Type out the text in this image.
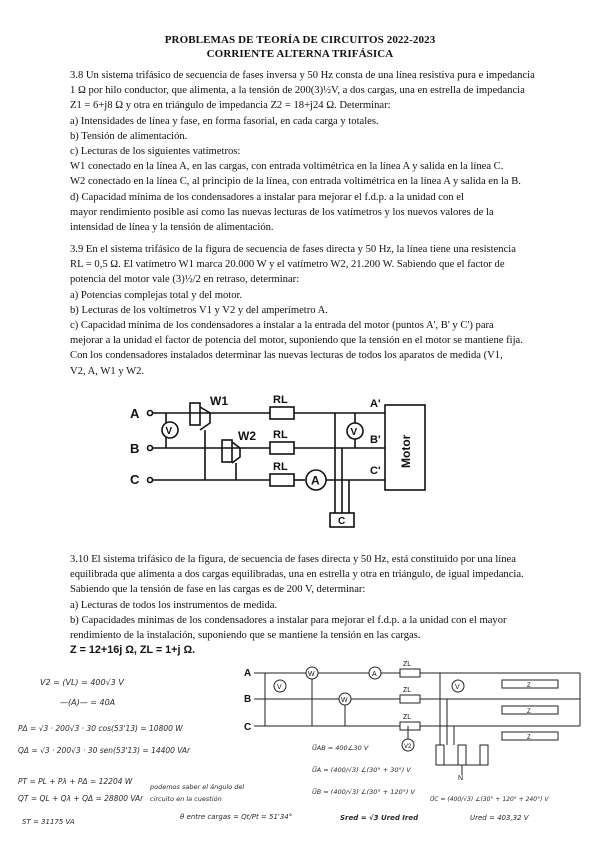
PROBLEMAS DE TEORÍA DE CIRCUITOS 2022-2023
CORRIENTE ALTERNA TRIFÁSICA

3.8 Un sistema trifásico de secuencia de fases inversa y 50 Hz consta de una línea resistiva pura e impedancia

1 Ω por hilo conductor, que alimenta, a la tensión de 200(3)½V, a dos cargas, una en estrella de impedancia

Z1 = 6+j8 Ω y otra en triángulo de impedancia Z2 = 18+j24 Ω. Determinar:

a) Intensidades de línea y fase, en forma fasorial, en cada carga y totales.

b) Tensión de alimentación.

c) Lecturas de los siguientes vatímetros:

W1 conectado en la línea A, en las cargas, con entrada voltimétrica en la línea A y salida en la línea C.

W2 conectado en la línea C, al principio de la línea, con entrada voltimétrica en la línea A y salida en la B.

d) Capacidad mínima de los condensadores a instalar para mejorar el f.d.p. a la unidad con el

mayor rendimiento posible así como las nuevas lecturas de los vatímetros y los nuevos valores de la

intensidad de línea y la tensión de alimentación.

3.9 En el sistema trifásico de la figura de secuencia de fases directa y 50 Hz, la línea tiene una resistencia

RL = 0,5 Ω. El vatímetro W1 marca 20.000 W y el vatímetro W2, 21.200 W. Sabiendo que el factor de

potencia del motor vale (3)½/2 en retraso, determinar:

a) Potencias complejas total y del motor.

b) Lecturas de los voltímetros V1 y V2 y del amperímetro A.

c) Capacidad mínima de los condensadores a instalar a la entrada del motor (puntos A', B' y C') para

mejorar a la unidad el factor de potencia del motor, suponiendo que la tensión en el motor se mantiene fija.

Con los condensadores instalados determinar las nuevas lecturas de todos los aparatos de medida (V1,

V2, A, W1 y W2.

A
B
C
V
W1
W2
RL
RL
RL
A
V
C
A'
B'
C'
Motor

3.10 El sistema trifásico de la figura, de secuencia de fases directa y 50 Hz, está constituido por una línea

equilibrada que alimenta a dos cargas equilibradas, una en estrella y otra en triángulo, de igual impedancia.

Sabiendo que la tensión de fase en las cargas es de 200 V, determinar:

a) Lecturas de todos los instrumentos de medida.

b) Capacidades mínimas de los condensadores a instalar para mejorar el f.d.p. a la unidad con el mayor

rendimiento de la instalación, suponiendo que se mantiene la tensión en las cargas.

Z = 12+16j Ω, ZL = 1+j Ω.

A
B
C
V
W
W
A
ZL
ZL
ZL
V2
V
N
Z
Z
Z
V2 = (VL) = 400√3 V
—(A)— = 40A
PΔ = √3 · 200√3 · 30 cos(53'13) = 10800 W
QΔ = √3 · 200√3 · 30 sen(53'13) = 14400 VAr
PT = PL + Pλ + PΔ = 12204 W
QT = QL + Qλ + QΔ = 28800 VAr
ST = 31175 VA
podemos saber el ángulo del
circuito en la cuestión
θ entre cargas = Qt/Pt = 51'34°
U⃗AB = 400∠30 V
U⃗A = (400/√3) ∠(30° + 30°) V
U⃗B = (400/√3) ∠(30° + 120°) V
U⃗C = (400/√3) ∠(30° + 120° + 240°) V
Sred = √3 Ured Ired	Ured = 403,32 V
